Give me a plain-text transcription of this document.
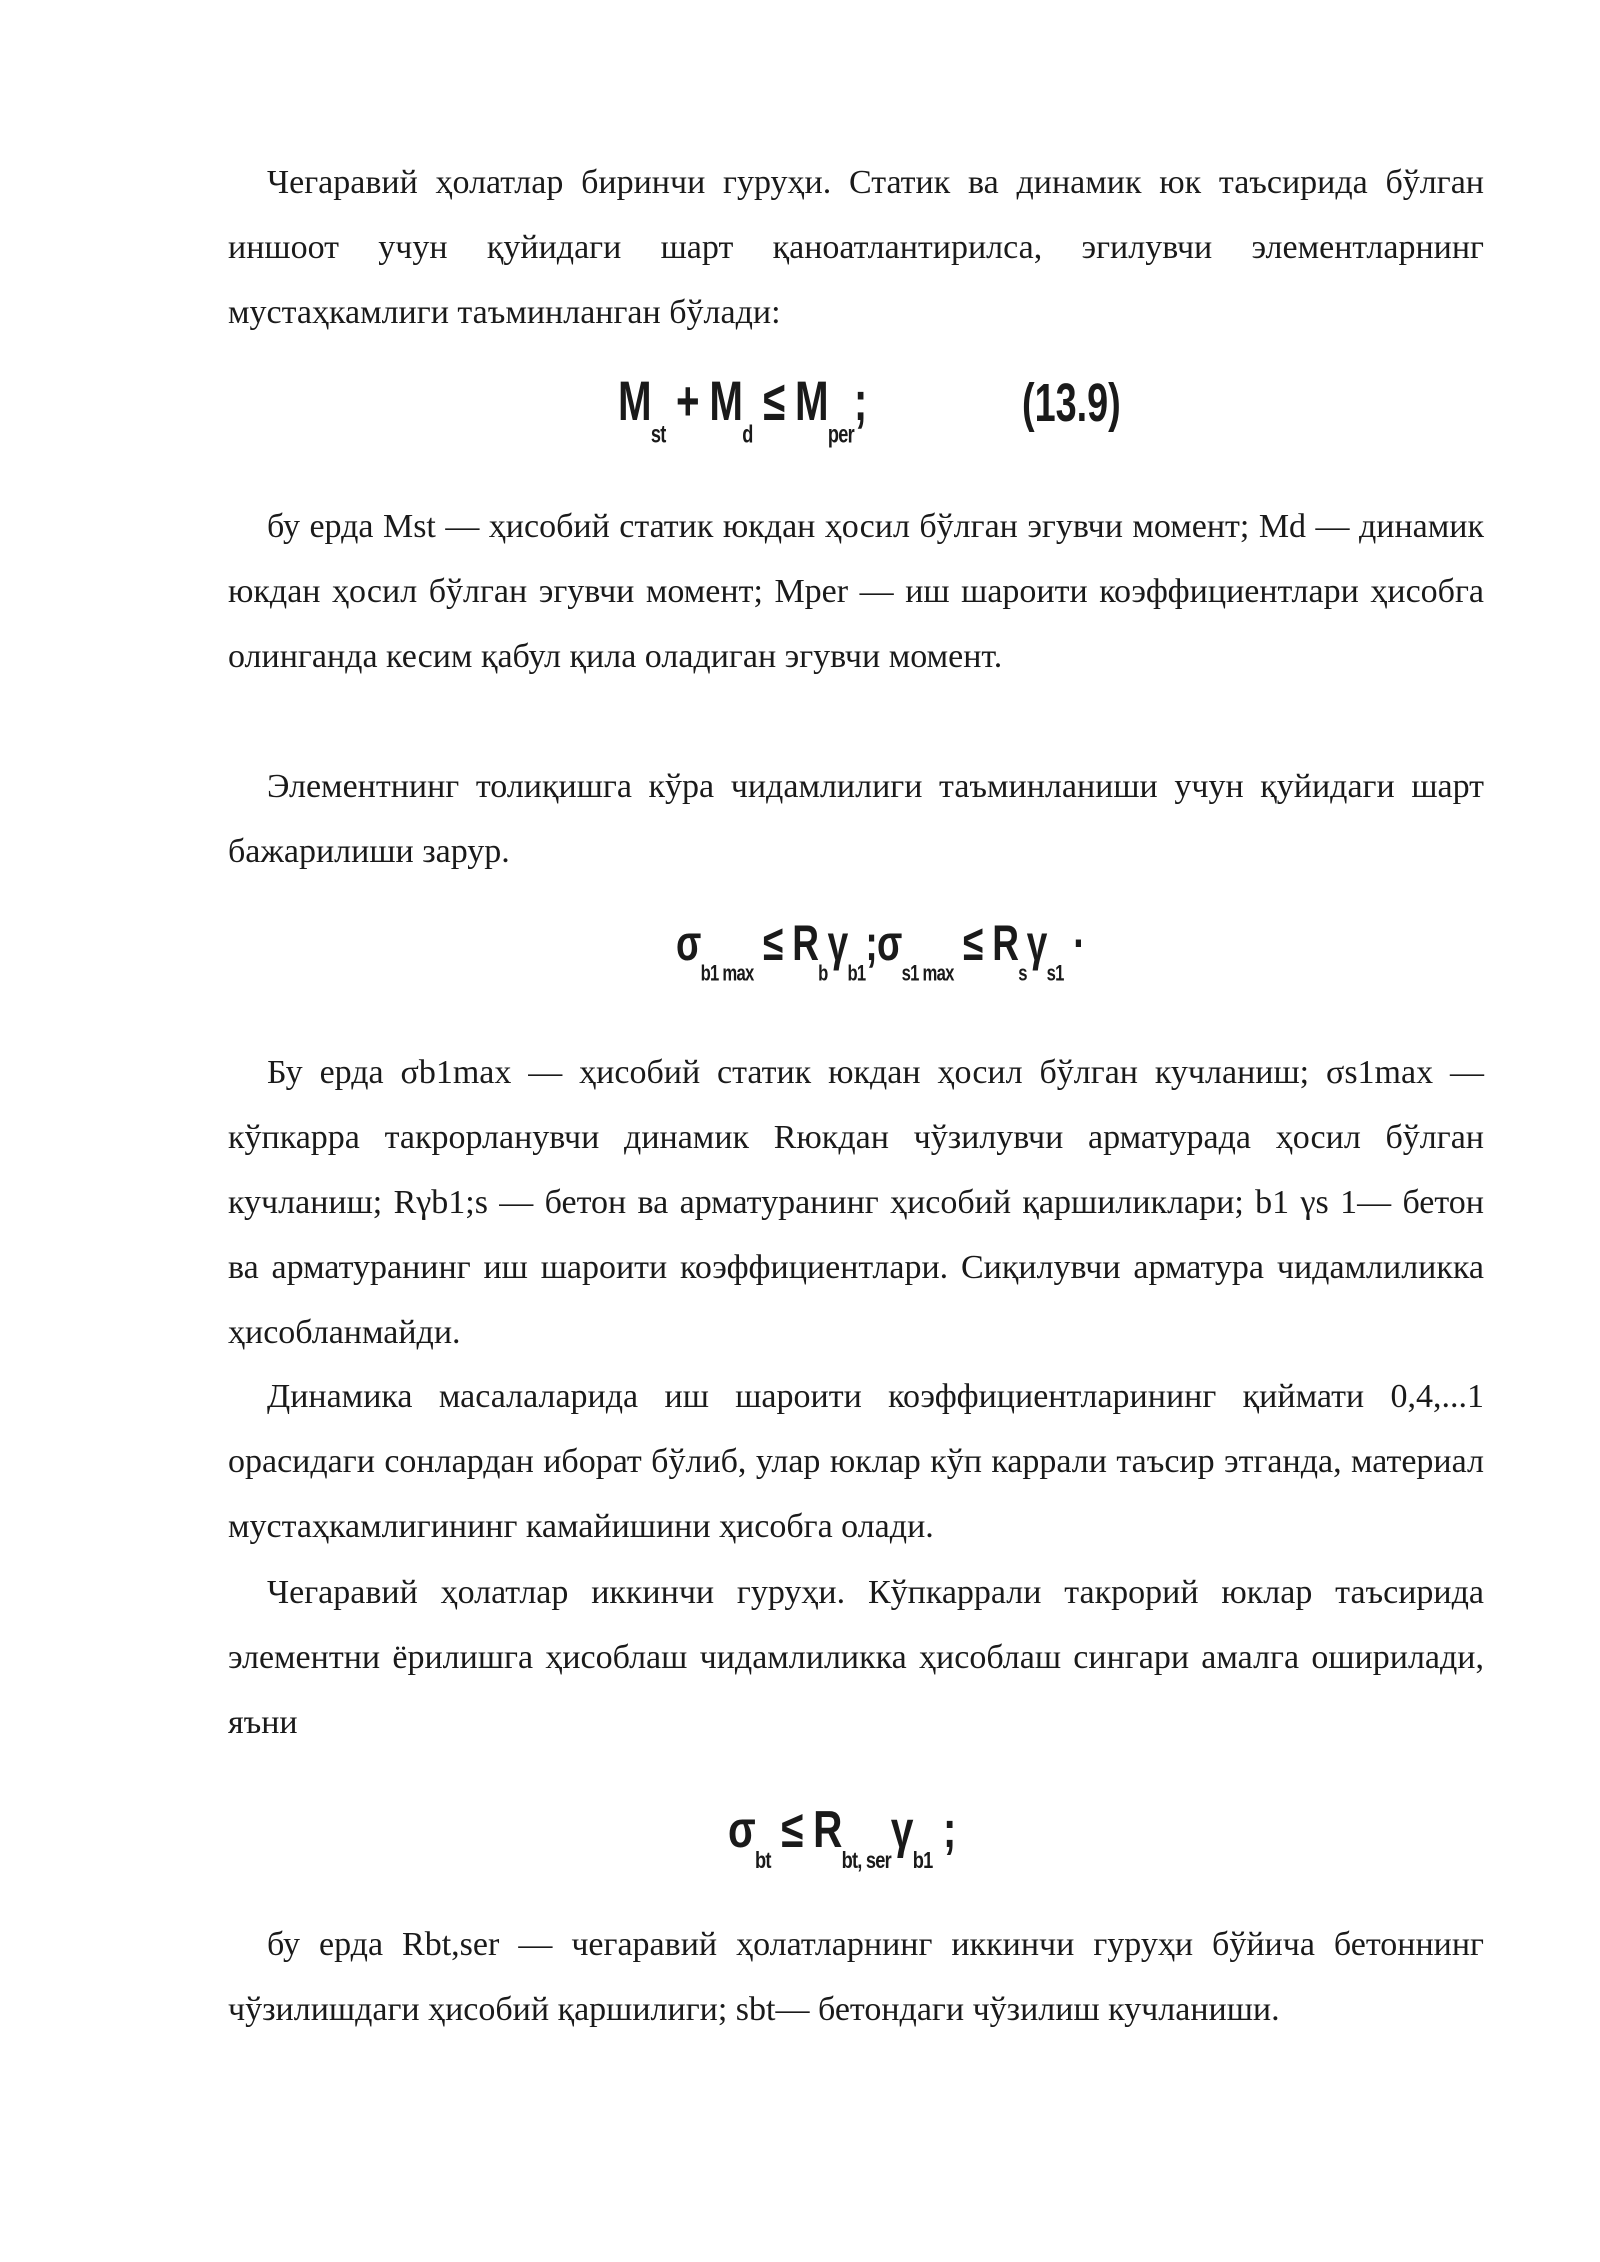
Чегаравий ҳолатлар биринчи гуруҳи. Статик ва динамик юк таъсирида бўлган иншоот учун қуйидаги шарт қаноатлантирилса, эгилувчи элементларнинг мустаҳкамлиги таъминланган бўлади:

$M_{st} + M_d \le M_{per}$;	(13.9)

бу ерда Mst — ҳисобий статик юкдан ҳосил бўлган эгувчи момент; Md — динамик юкдан ҳосил бўлган эгувчи момент; Mper — иш шароити коэффициентлари ҳисобга олинганда кесим қабул қила оладиган эгувчи момент.

Элементнинг толиқишга кўра чидамлилиги таъминланиши учун қуйидаги шарт бажарилиши зарур.

$\sigma_{b1 max}$ ≤ $R_b\gamma_{b1};\sigma_{s1 max} \le R_s\gamma_{s1}$ ·

Бу ерда σb1max — ҳисобий статик юкдан ҳосил бўлган кучланиш; σs1max — кўпкарра такрорланувчи динамик Rюкдан чўзилувчи арматурада ҳосил бўлган кучланиш; Rγb1;s — бетон ва арматуранинг ҳисобий қаршиликлари; b1 γs 1— бетон ва арматуранинг иш шароити коэффициентлари. Сиқилувчи арматура чидамлиликка ҳисобланмайди.

Динамика масалаларида иш шароити коэффициентларининг қиймати 0,4,...1 орасидаги сонлардан иборат бўлиб, улар юклар кўп каррали таъсир этганда, материал мустаҳкамлигининг камайишини ҳисобга олади.

Чегаравий ҳолатлар иккинчи гуруҳи. Кўпкаррали такрорий юклар таъсирида элементни ёрилишга ҳисоблаш чидамлиликка ҳисоблаш сингари амалга оширилади, яъни

$\sigma_{bt} \le R_{bt, ser}\gamma_{b1}$ ;

бу ерда Rbt,ser — чегаравий ҳолатларнинг иккинчи гуруҳи бўйича бетоннинг чўзилишдаги ҳисобий қаршилиги; sbt— бетондаги чўзилиш кучланиши.
